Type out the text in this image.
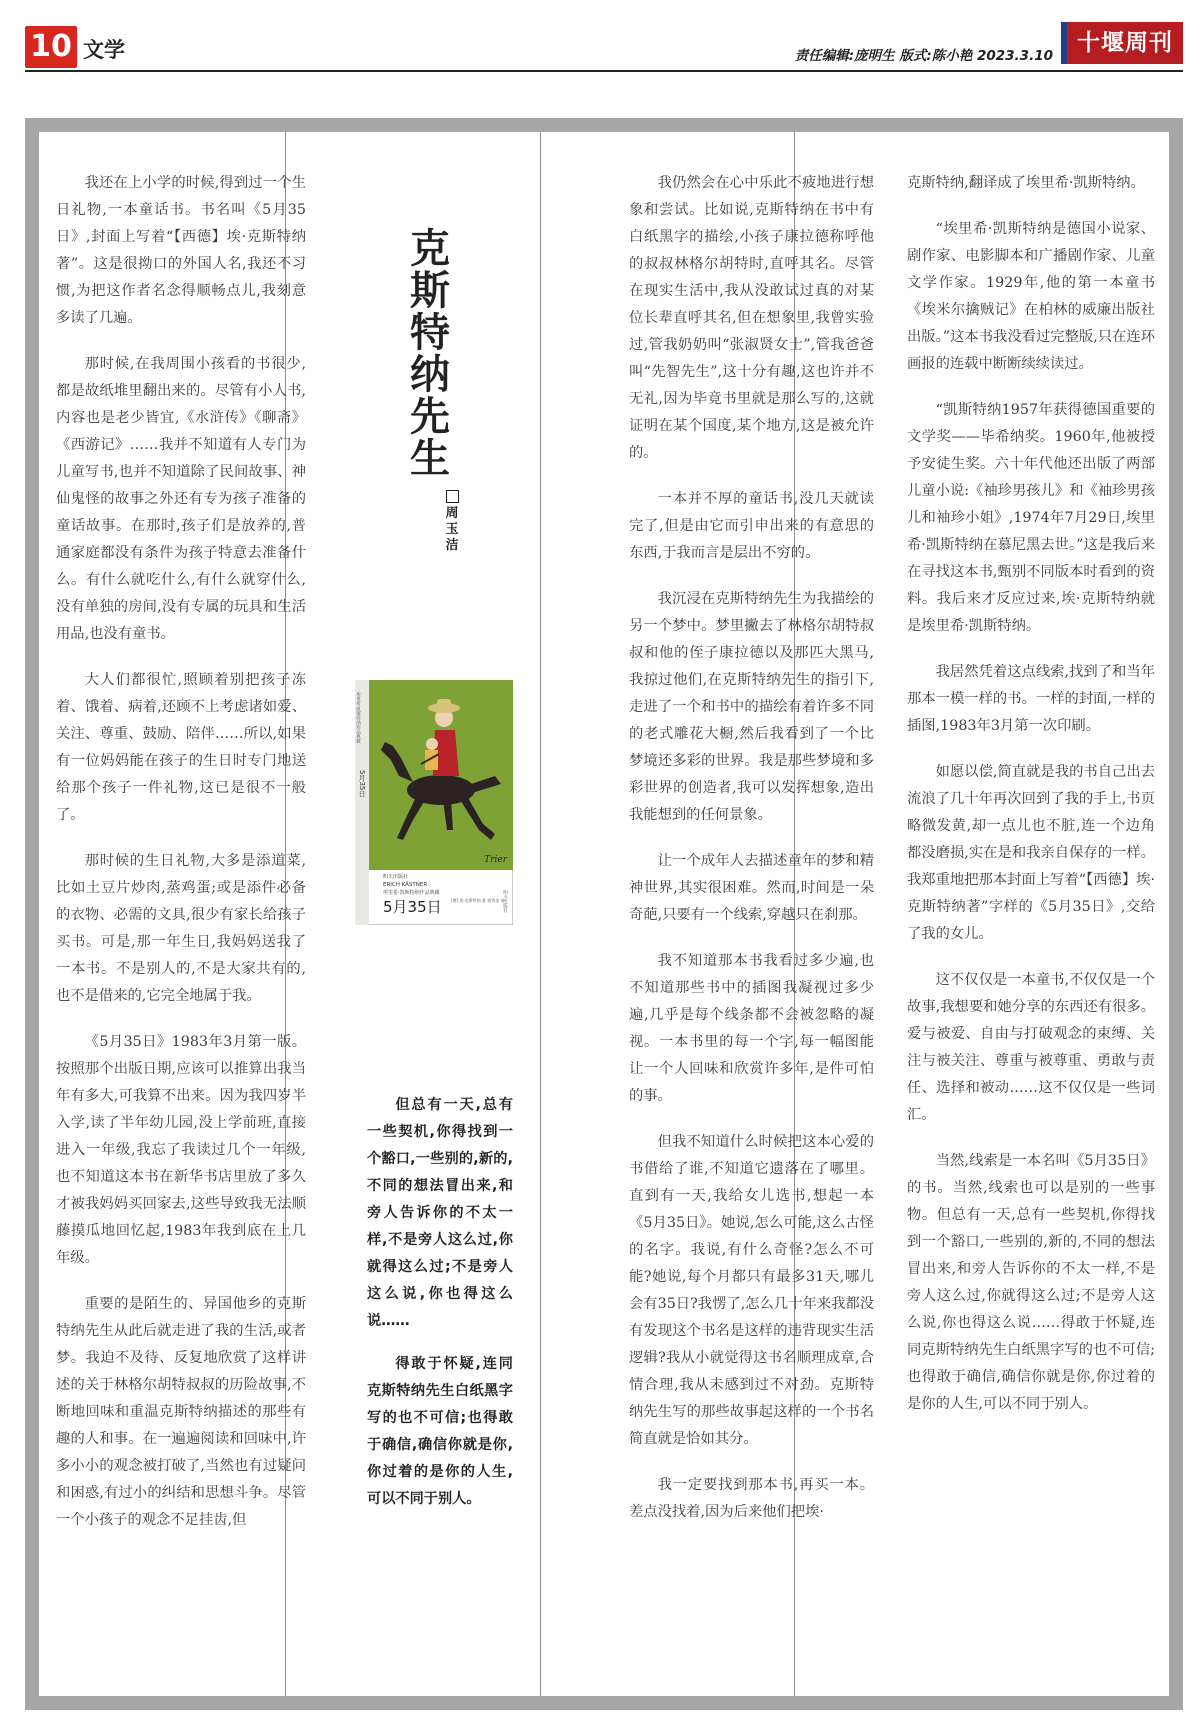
10 文学	责任编辑:庞明生 版式:陈小艳 2023.3.10	十堰周刊

我还在上小学的时候,得到过一个生日礼物,一本童话书。书名叫《5月35日》,封面上写着“【西德】埃·克斯特纳著”。这是很拗口的外国人名,我还不习惯,为把这作者名念得顺畅点儿,我刻意多读了几遍。

那时候,在我周围小孩看的书很少,都是故纸堆里翻出来的。尽管有小人书,内容也是老少皆宜,《水浒传》《聊斋》《西游记》……我并不知道有人专门为儿童写书,也并不知道除了民间故事、神仙鬼怪的故事之外还有专为孩子准备的童话故事。在那时,孩子们是放养的,普通家庭都没有条件为孩子特意去准备什么。有什么就吃什么,有什么就穿什么,没有单独的房间,没有专属的玩具和生活用品,也没有童书。

大人们都很忙,照顾着别把孩子冻着、饿着、病着,还顾不上考虑诸如爱、关注、尊重、鼓励、陪伴……所以,如果有一位妈妈能在孩子的生日时专门地送给那个孩子一件礼物,这已是很不一般了。

那时候的生日礼物,大多是添道菜,比如土豆片炒肉,蒸鸡蛋;或是添件必备的衣物、必需的文具,很少有家长给孩子买书。可是,那一年生日,我妈妈送我了一本书。不是别人的,不是大家共有的,也不是借来的,它完全地属于我。

《5月35日》1983年3月第一版。按照那个出版日期,应该可以推算出我当年有多大,可我算不出来。因为我四岁半入学,读了半年幼儿园,没上学前班,直接进入一年级,我忘了我读过几个一年级,也不知道这本书在新华书店里放了多久才被我妈妈买回家去,这些导致我无法顺藤摸瓜地回忆起,1983年我到底在上几年级。

重要的是陌生的、异国他乡的克斯特纳先生从此后就走进了我的生活,或者梦。我迫不及待、反复地欣赏了这样讲述的关于林格尔胡特叔叔的历险故事,不断地回味和重温克斯特纳描述的那些有趣的人和事。在一遍遍阅读和回味中,许多小小的观念被打破了,当然也有过疑问和困惑,有过小的纠结和思想斗争。尽管一个小孩子的观念不足挂齿,但

我仍然会在心中乐此不疲地进行想象和尝试。比如说,克斯特纳在书中有白纸黑字的描绘,小孩子康拉德称呼他的叔叔林格尔胡特时,直呼其名。尽管在现实生活中,我从没敢试过真的对某位长辈直呼其名,但在想象里,我曾实验过,管我奶奶叫“张淑贤女士”,管我爸爸叫“先智先生”,这十分有趣,这也许并不无礼,因为毕竟书里就是那么写的,这就证明在某个国度,某个地方,这是被允许的。

一本并不厚的童话书,没几天就读完了,但是由它而引申出来的有意思的东西,于我而言是层出不穷的。

我沉浸在克斯特纳先生为我描绘的另一个梦中。梦里撇去了林格尔胡特叔叔和他的侄子康拉德以及那匹大黑马,我掠过他们,在克斯特纳先生的指引下,走进了一个和书中的描绘有着许多不同的老式雕花大橱,然后我看到了一个比梦境还多彩的世界。我是那些梦境和多彩世界的创造者,我可以发挥想象,造出我能想到的任何景象。

让一个成年人去描述童年的梦和精神世界,其实很困难。然而,时间是一朵奇葩,只要有一个线索,穿越只在刹那。

我不知道那本书我看过多少遍,也不知道那些书中的插图我凝视过多少遍,几乎是每个线条都不会被忽略的凝视。一本书里的每一个字,每一幅图能让一个人回味和欣赏许多年,是件可怕的事。

但我不知道什么时候把这本心爱的书借给了谁,不知道它遗落在了哪里。直到有一天,我给女儿选书,想起一本《5月35日》。她说,怎么可能,这么古怪的名字。我说,有什么奇怪?怎么不可能?她说,每个月都只有最多31天,哪儿会有35日?我愣了,怎么几十年来我都没有发现这个书名是这样的违背现实生活逻辑?我从小就觉得这书名顺理成章,合情合理,我从未感到过不对劲。克斯特纳先生写的那些故事起这样的一个书名简直就是恰如其分。

我一定要找到那本书,再买一本。差点没找着,因为后来他们把埃·

克斯特纳,翻译成了埃里希·凯斯特纳。

“埃里希·凯斯特纳是德国小说家、剧作家、电影脚本和广播剧作家、儿童文学作家。1929年,他的第一本童书《埃米尔擒贼记》在柏林的威廉出版社出版。”这本书我没看过完整版,只在连环画报的连载中断断续续读过。

“凯斯特纳1957年获得德国重要的文学奖——毕希纳奖。1960年,他被授予安徒生奖。六十年代他还出版了两部儿童小说:《袖珍男孩儿》和《袖珍男孩儿和袖珍小姐》,1974年7月29日,埃里希·凯斯特纳在慕尼黑去世。”这是我后来在寻找这本书,甄别不同版本时看到的资料。我后来才反应过来,埃·克斯特纳就是埃里希·凯斯特纳。

我居然凭着这点线索,找到了和当年那本一模一样的书。一样的封面,一样的插图,1983年3月第一次印刷。

如愿以偿,简直就是我的书自己出去流浪了几十年再次回到了我的手上,书页略微发黄,却一点儿也不脏,连一个边角都没磨损,实在是和我亲自保存的一样。我郑重地把那本封面上写着“【西德】埃·克斯特纳著”字样的《5月35日》,交给了我的女儿。

这不仅仅是一本童书,不仅仅是一个故事,我想要和她分享的东西还有很多。爱与被爱、自由与打破观念的束缚、关注与被关注、尊重与被尊重、勇敢与责任、选择和被动……这不仅仅是一些词汇。

当然,线索是一本名叫《5月35日》的书。当然,线索也可以是别的一些事物。但总有一天,总有一些契机,你得找到一个豁口,一些别的,新的,不同的想法冒出来,和旁人告诉你的不太一样,不是旁人这么过,你就得这么过;不是旁人这么说,你也得这么说……得敢于怀疑,连同克斯特纳先生白纸黑字写的也不可信;也得敢于确信,确信你就是你,你过着的是你的人生,可以不同于别人。

克斯特纳先生
周玉洁
Trier
埃里希·凯斯特纳作品典藏
5月35日
明天出版社
ERICH KÄSTNER
埃里希·凯斯特纳作品典藏
5月35日 [德] 埃·克斯特纳 著 贾秀金 译
明天出版社

但总有一天,总有一些契机,你得找到一个豁口,一些别的,新的,不同的想法冒出来,和旁人告诉你的不太一样,不是旁人这么过,你就得这么过;不是旁人这么说,你也得这么说……

得敢于怀疑,连同克斯特纳先生白纸黑字写的也不可信;也得敢于确信,确信你就是你,你过着的是你的人生,可以不同于别人。
